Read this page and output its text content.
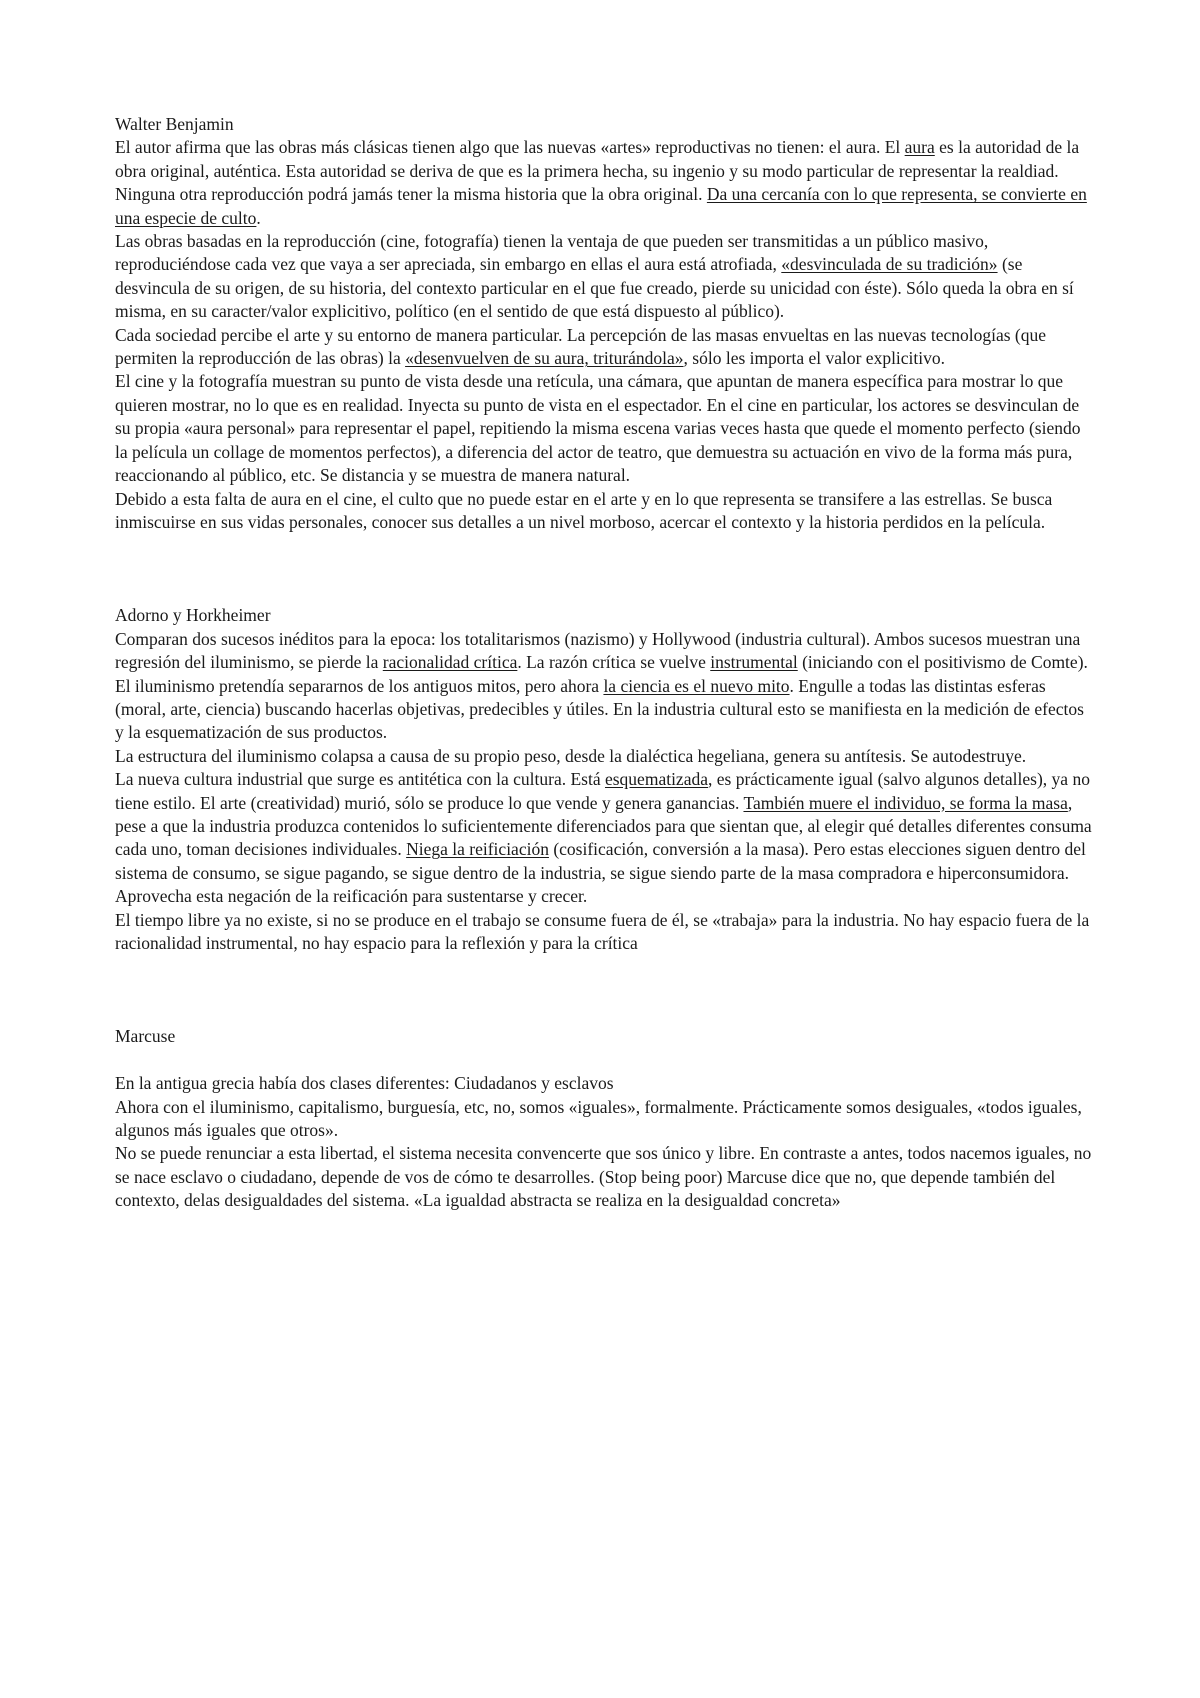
Walter Benjamin

El autor afirma que las obras más clásicas tienen algo que las nuevas «artes» reproductivas no tienen: el aura. El aura es la autoridad de la obra original, auténtica. Esta autoridad se deriva de que es la primera hecha, su ingenio y su modo particular de representar la realdiad. Ninguna otra reproducción podrá jamás tener la misma historia que la obra original. Da una cercanía con lo que representa, se convierte en una especie de culto.

Las obras basadas en la reproducción (cine, fotografía) tienen la ventaja de que pueden ser transmitidas a un público masivo, reproduciéndose cada vez que vaya a ser apreciada, sin embargo en ellas el aura está atrofiada, «desvinculada de su tradición» (se desvincula de su origen, de su historia, del contexto particular en el que fue creado, pierde su unicidad con éste). Sólo queda la obra en sí misma, en su caracter/valor explicitivo, político (en el sentido de que está dispuesto al público).

Cada sociedad percibe el arte y su entorno de manera particular. La percepción de las masas envueltas en las nuevas tecnologías (que permiten la reproducción de las obras) la «desenvuelven de su aura, triturándola», sólo les importa el valor explicitivo.

El cine y la fotografía muestran su punto de vista desde una retícula, una cámara, que apuntan de manera específica para mostrar lo que quieren mostrar, no lo que es en realidad. Inyecta su punto de vista en el espectador. En el cine en particular, los actores se desvinculan de su propia «aura personal» para representar el papel, repitiendo la misma escena varias veces hasta que quede el momento perfecto (siendo la película un collage de momentos perfectos), a diferencia del actor de teatro, que demuestra su actuación en vivo de la forma más pura, reaccionando al público, etc. Se distancia y se muestra de manera natural.

Debido a esta falta de aura en el cine, el culto que no puede estar en el arte y en lo que representa se transifere a las estrellas. Se busca inmiscuirse en sus vidas personales, conocer sus detalles a un nivel morboso, acercar el contexto y la historia perdidos en la película.

Adorno y Horkheimer

Comparan dos sucesos inéditos para la epoca: los totalitarismos (nazismo) y Hollywood (industria cultural). Ambos sucesos muestran una regresión del iluminismo, se pierde la racionalidad crítica. La razón crítica se vuelve instrumental (iniciando con el positivismo de Comte). El iluminismo pretendía separarnos de los antiguos mitos, pero ahora la ciencia es el nuevo mito. Engulle a todas las distintas esferas (moral, arte, ciencia) buscando hacerlas objetivas, predecibles y útiles. En la industria cultural esto se manifiesta en la medición de efectos y la esquematización de sus productos.

La estructura del iluminismo colapsa a causa de su propio peso, desde la dialéctica hegeliana, genera su antítesis. Se autodestruye.

La nueva cultura industrial que surge es antitética con la cultura. Está esquematizada, es prácticamente igual (salvo algunos detalles), ya no tiene estilo. El arte (creatividad) murió, sólo se produce lo que vende y genera ganancias. También muere el individuo, se forma la masa, pese a que la industria produzca contenidos lo suficientemente diferenciados para que sientan que, al elegir qué detalles diferentes consuma cada uno, toman decisiones individuales. Niega la reificiación (cosificación, conversión a la masa). Pero estas elecciones siguen dentro del sistema de consumo, se sigue pagando, se sigue dentro de la industria, se sigue siendo parte de la masa compradora e hiperconsumidora. Aprovecha esta negación de la reificación para sustentarse y crecer.

El tiempo libre ya no existe, si no se produce en el trabajo se consume fuera de él, se «trabaja» para la industria. No hay espacio fuera de la racionalidad instrumental, no hay espacio para la reflexión y para la crítica

Marcuse

En la antigua grecia había dos clases diferentes: Ciudadanos y esclavos

Ahora con el iluminismo, capitalismo, burguesía, etc, no, somos «iguales», formalmente. Prácticamente somos desiguales, «todos iguales, algunos más iguales que otros».

No se puede renunciar a esta libertad, el sistema necesita convencerte que sos único y libre. En contraste a antes, todos nacemos iguales, no se nace esclavo o ciudadano, depende de vos de cómo te desarrolles. (Stop being poor) Marcuse dice que no, que depende también del contexto, delas desigualdades del sistema. «La igualdad abstracta se realiza en la desigualdad concreta»
